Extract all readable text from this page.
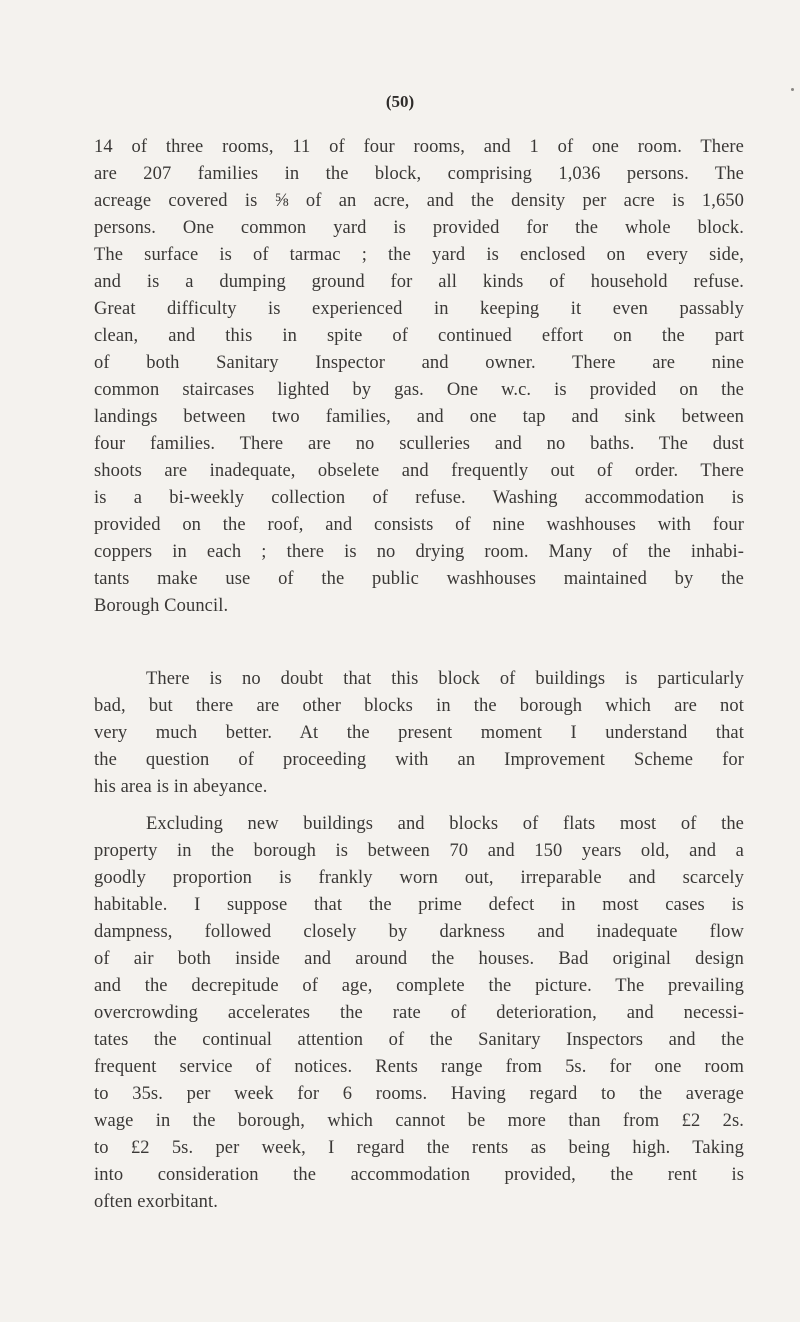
(50)
14 of three rooms, 11 of four rooms, and 1 of one room. There
are 207 families in the block, comprising 1,036 persons. The
acreage covered is ⅝ of an acre, and the density per acre is 1,650
persons. One common yard is provided for the whole block.
The surface is of tarmac ; the yard is enclosed on every side,
and is a dumping ground for all kinds of household refuse.
Great difficulty is experienced in keeping it even passably
clean, and this in spite of continued effort on the part
of both Sanitary Inspector and owner. There are nine
common staircases lighted by gas. One w.c. is provided on the
landings between two families, and one tap and sink between
four families. There are no sculleries and no baths. The dust
shoots are inadequate, obselete and frequently out of order. There
is a bi-weekly collection of refuse. Washing accommodation is
provided on the roof, and consists of nine washhouses with four
coppers in each ; there is no drying room. Many of the inhabi-
tants make use of the public washhouses maintained by the
Borough Council.
There is no doubt that this block of buildings is particularly
bad, but there are other blocks in the borough which are not
very much better. At the present moment I understand that
the question of proceeding with an Improvement Scheme for
his area is in abeyance.
Excluding new buildings and blocks of flats most of the
property in the borough is between 70 and 150 years old, and a
goodly proportion is frankly worn out, irreparable and scarcely
habitable. I suppose that the prime defect in most cases is
dampness, followed closely by darkness and inadequate flow
of air both inside and around the houses. Bad original design
and the decrepitude of age, complete the picture. The prevailing
overcrowding accelerates the rate of deterioration, and necessi-
tates the continual attention of the Sanitary Inspectors and the
frequent service of notices. Rents range from 5s. for one room
to 35s. per week for 6 rooms. Having regard to the average
wage in the borough, which cannot be more than from £2 2s.
to £2 5s. per week, I regard the rents as being high. Taking
into consideration the accommodation provided, the rent is
often exorbitant.
